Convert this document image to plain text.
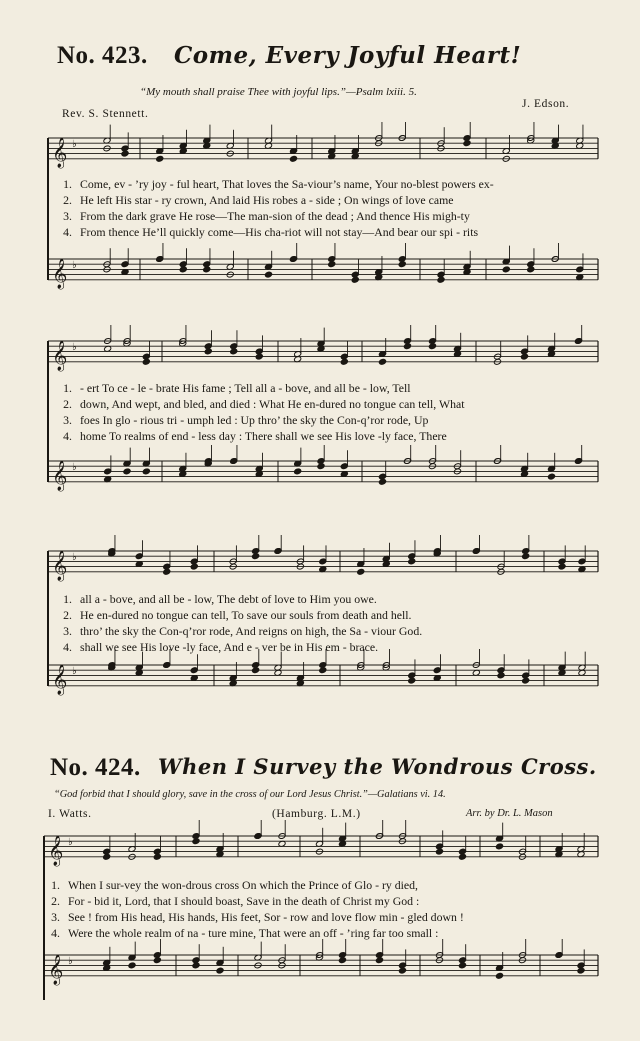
No. 423. Come, Every Joyful Heart!
“My mouth shall praise Thee with joyful lips.”—Psalm lxiii. 5.
Rev. S. Stennett.
J. Edson.
1. Come, ev - ’ry joy - ful heart, That loves the Sa-viour’s name, Your no-blest powers ex-
2. He left His star - ry crown, And laid His robes a - side ; On wings of love came
3. From the dark grave He rose—The man-sion of the dead ; And thence His migh-ty
4. From thence He’ll quickly come—His cha-riot will not stay—And bear our spi - rits
1. - ert To ce - le - brate His fame ; Tell all a - bove, and all be - low, Tell
2. down, And wept, and bled, and died : What He en-dured no tongue can tell, What
3. foes In glo - rious tri - umph led : Up thro’ the sky the Con-q’ror rode, Up
4. home To realms of end - less day : There shall we see His love -ly face, There
1. all a - bove, and all be - low, The debt of love to Him you owe.
2. He en-dured no tongue can tell, To save our souls from death and hell.
3. thro’ the sky the Con-q’ror rode, And reigns on high, the Sa - viour God.
4. shall we see His love -ly face, And e - ver be in His em - brace.
No. 424. When I Survey the Wondrous Cross.
“God forbid that I should glory, save in the cross of our Lord Jesus Christ.”—Galatians vi. 14.
I. Watts.	(Hamburg. L.M.)	Arr. by Dr. L. Mason
1. When I sur-vey the won-drous cross On which the Prince of Glo - ry died,
2. For - bid it, Lord, that I should boast, Save in the death of Christ my God :
3. See ! from His head, His hands, His feet, Sor - row and love flow min - gled down !
4. Were the whole realm of na - ture mine, That were an off - ’ring far too small :
𝄞 ♭
𝄞 ♭
𝄞 ♭
𝄞 ♭
𝄞 ♭
𝄞 ♭
𝄞 ♭
𝄞 ♭
